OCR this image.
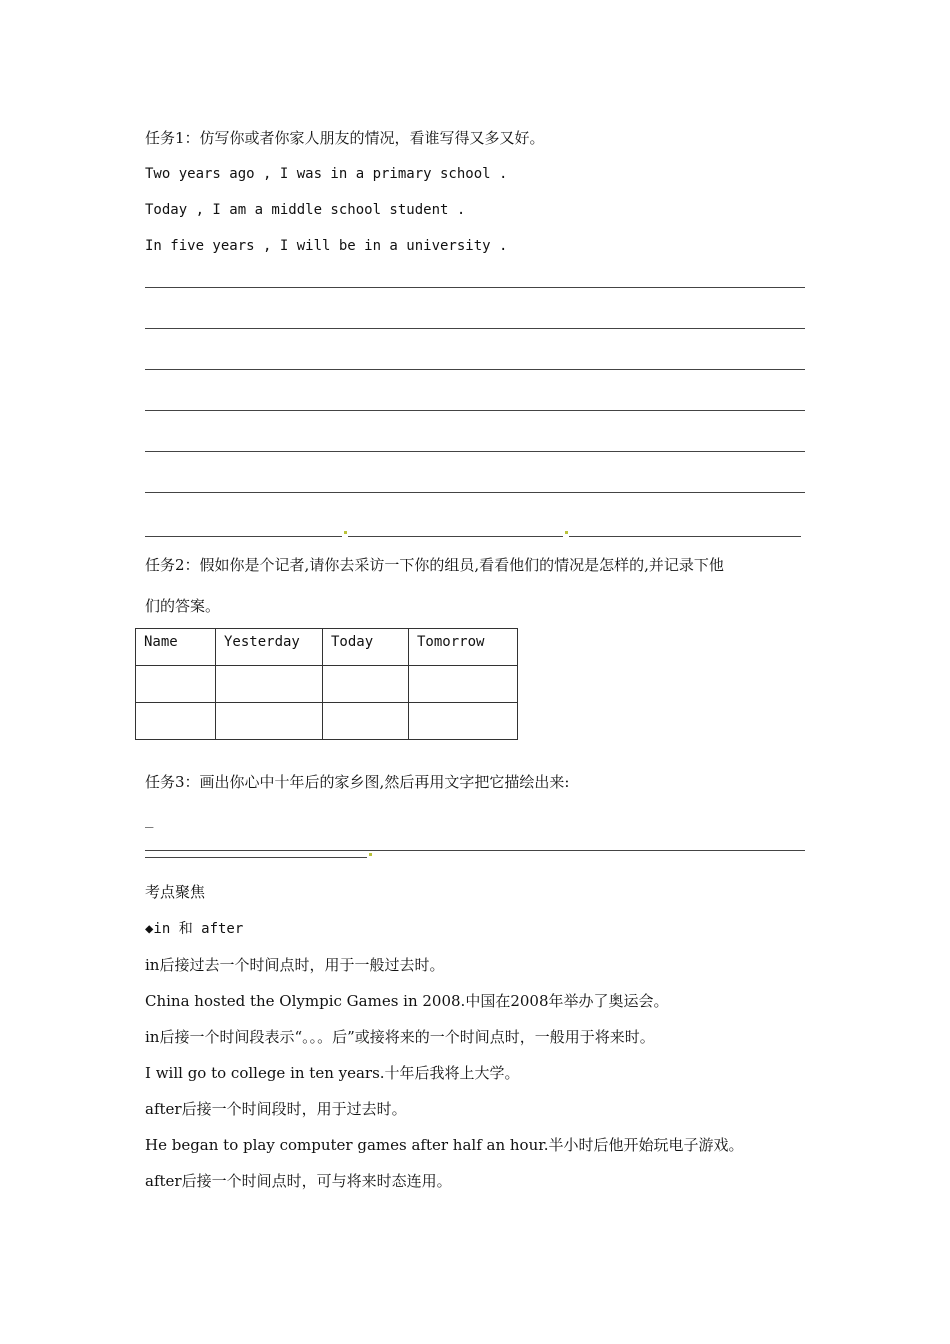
任务1：仿写你或者你家人朋友的情况，看谁写得又多又好。
Two years ago , I was in a primary school .
Today , I am a middle school student .
In five years , I will be in a university .
任务2：假如你是个记者,请你去采访一下你的组员,看看他们的情况是怎样的,并记录下他
们的答案。
Name	Yesterday	Today	Tomorrow

任务3：画出你心中十年后的家乡图,然后再用文字把它描绘出来:
_
考点聚焦
◆in 和 after
in后接过去一个时间点时，用于一般过去时。
China hosted the Olympic Games in 2008.中国在2008年举办了奥运会。
in后接一个时间段表示“。。。后”或接将来的一个时间点时，一般用于将来时。
I will go to college in ten years.十年后我将上大学。
after后接一个时间段时，用于过去时。
He began to play computer games after half an hour.半小时后他开始玩电子游戏。
after后接一个时间点时，可与将来时态连用。
